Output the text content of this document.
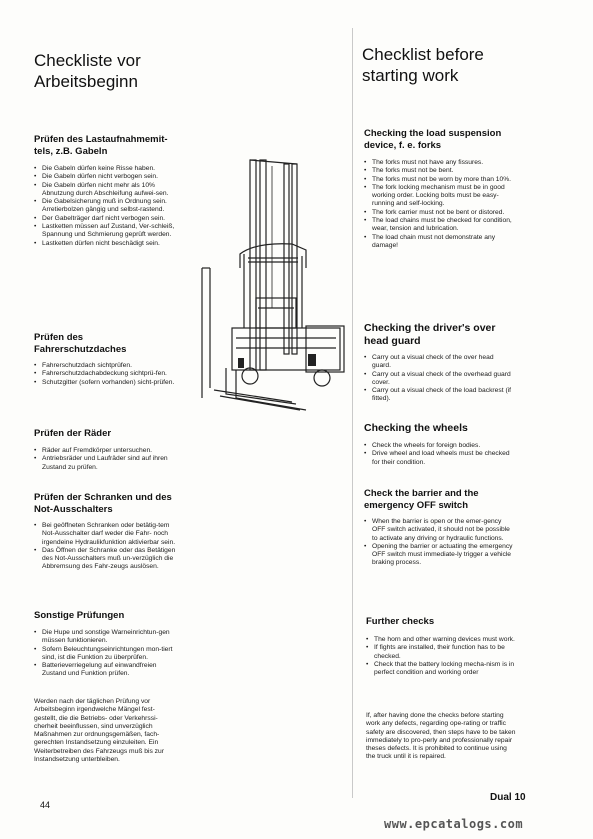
Checkliste vor
Arbeitsbeginn
Prüfen des Lastaufnahmemit-
tels, z.B. Gabeln
• Die Gabeln dürfen keine Risse haben.
• Die Gabeln dürfen nicht verbogen sein.
• Die Gabeln dürfen nicht mehr als 10% Abnutzung durch Abschleifung aufwei-sen.
• Die Gabelsicherung muß in Ordnung sein. Arretierbolzen gängig und selbst-rastend.
• Der Gabelträger darf nicht verbogen sein.
• Lastketten müssen auf Zustand, Ver-schleiß, Spannung und Schmierung geprüft werden.
• Lastketten dürfen nicht beschädigt sein.
Prüfen des
Fahrerschutzdaches
• Fahrerschutzdach sichtprüfen.
• Fahrerschutzdachabdeckung sichtprü-fen.
• Schutzgitter (sofern vorhanden) sicht-prüfen.
Prüfen der Räder
• Räder auf Fremdkörper untersuchen.
• Antriebsräder und Laufräder sind auf ihren Zustand zu prüfen.
Prüfen der Schranken und des
Not-Ausschalters
• Bei geöffneten Schranken oder betätig-tem Not-Ausschalter darf weder die Fahr- noch irgendeine Hydraulikfunktion aktivierbar sein.
• Das Öffnen der Schranke oder das Betätigen des Not-Ausschalters muß un-verzüglich die Abbremsung des Fahr-zeugs auslösen.
Sonstige Prüfungen
• Die Hupe und sonstige Warneinrichtun-gen müssen funktionieren.
• Sofern Beleuchtungseinrichtungen mon-tiert sind, ist die Funktion zu überprüfen.
• Batterieverriegelung auf einwandfreien Zustand und Funktion prüfen.
Werden nach der täglichen Prüfung vor Arbeitsbeginn irgendwelche Mängel fest-gestellt, die die Betriebs- oder Verkehrssi-cherheit beeinflussen, sind unverzüglich Maßnahmen zur ordnungsgemäßen, fach-gerechten Instandsetzung einzuleiten. Ein Weiterbetreiben des Fahrzeugs muß bis zur Instandsetzung unterbleiben.
Checklist before
starting work
Checking the load suspension
device, f. e. forks
• The forks must not have any fissures.
• The forks must not be bent.
• The forks must not be worn by more than 10%.
• The fork locking mechanism must be in good working order. Locking bolts must be easy-running and self-locking.
• The fork carrier must not be bent or distored.
• The load chains must be checked for condition, wear, tension and lubrication.
• The load chain must not demonstrate any damage!
Checking the driver's over
head guard
• Carry out a visual check of the over head guard.
• Carry out a visual check of the overhead guard cover.
• Carry out a visual check of the load backrest (if fitted).
Checking the wheels
• Check the wheels for foreign bodies.
• Drive wheel and load wheels must be checked for their condition.
Check the barrier and the
emergency OFF switch
• When the barrier is open or the emer-gency OFF switch activated, it should not be possible to activate any driving or hydraulic functions.
• Opening the barrier or actuating the emergency OFF switch must immediate-ly trigger a vehicle braking process.
Further checks
• The horn and other warning devices must work.
• If fights are installed, their function has to be checked.
• Check that the battery locking mecha-nism is in perfect condition and working order
If, after having done the checks before starting work any defects, regarding ope-rating or traffic safety are discovered, then steps have to be taken immediately to pro-perly and professionally repair theses defects. It is prohibited to continue using the truck until it is repaired.
44
Dual 10
www.epcatalogs.com
